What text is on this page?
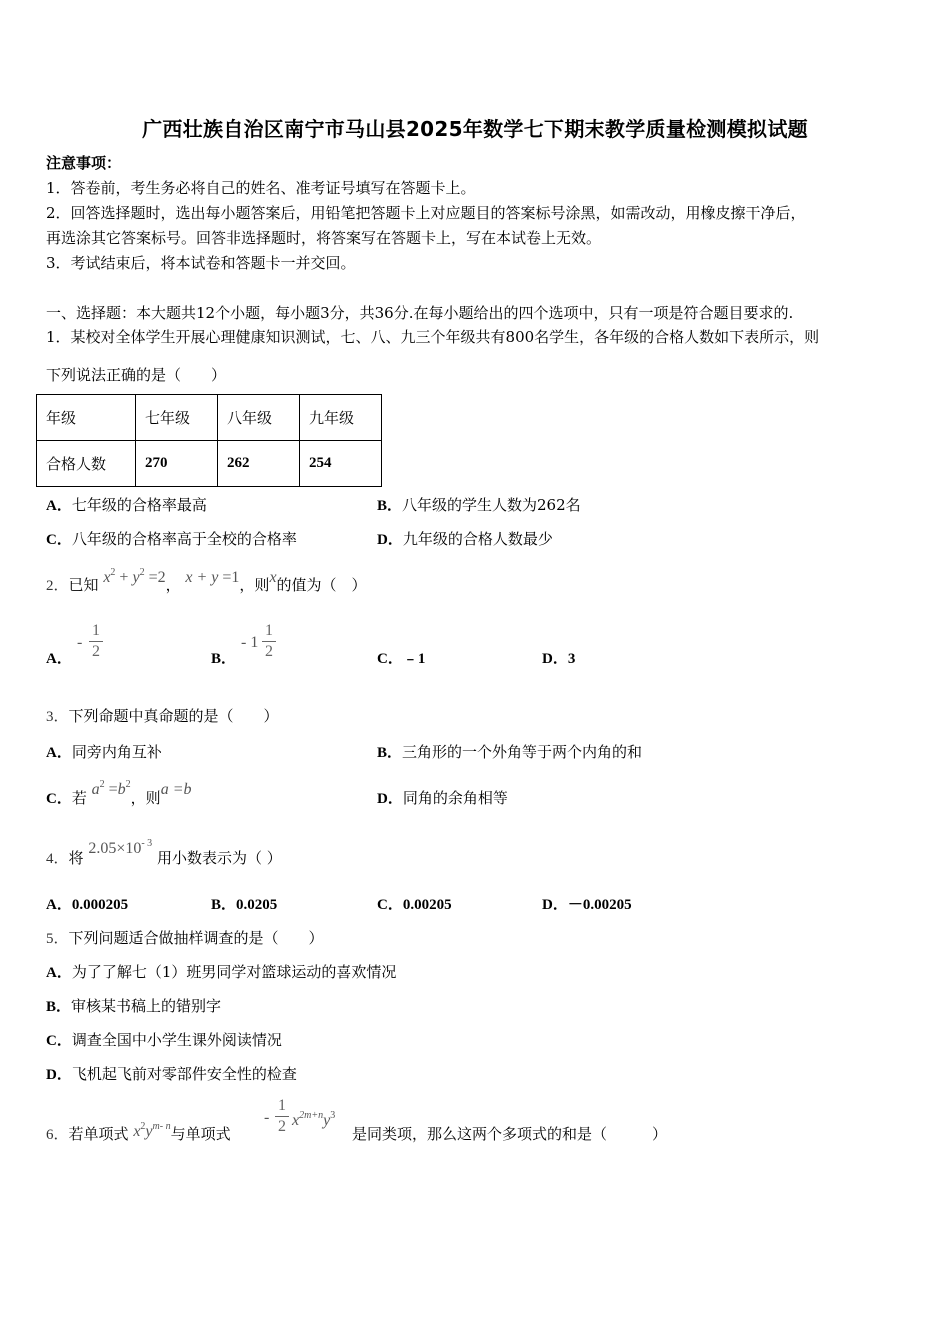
广西壮族自治区南宁市马山县2025年数学七下期末教学质量检测模拟试题
注意事项：
1．答卷前，考生务必将自己的姓名、准考证号填写在答题卡上。
2．回答选择题时，选出每小题答案后，用铅笔把答题卡上对应题目的答案标号涂黑，如需改动，用橡皮擦干净后，
再选涂其它答案标号。回答非选择题时，将答案写在答题卡上，写在本试卷上无效。
3．考试结束后，将本试卷和答题卡一并交回。
一、选择题：本大题共12个小题，每小题3分，共36分.在每小题给出的四个选项中，只有一项是符合题目要求的.
1．某校对全体学生开展心理健康知识测试，七、八、九三个年级共有800名学生，各年级的合格人数如下表所示，则
下列说法正确的是（　　）
年级	七年级	八年级	九年级
合格人数	270	262	254
A．七年级的合格率最高	B．八年级的学生人数为262名
C．八年级的合格率高于全校的合格率	D．九年级的合格人数最少
2．已知 $x^2 + y^2 =2$， x + y =1，则x的值为（　）
A．
-
1
2	B．
- 1
1
2	C．﹣1	D．3
3．下列命题中真命题的是（　　）
A．同旁内角互补	B．三角形的一个外角等于两个内角的和
C．若 $a^2 =b^2$，则a =b
D．同角的余角相等
4．将 $2.05\times 10^{- 3}$ 用小数表示为（ ）
A．0.000205	B．0.0205	C．0.00205	D．－0.00205
5．下列问题适合做抽样调查的是（　　）
A．为了了解七（1）班男同学对篮球运动的喜欢情况
B．审核某书稿上的错别字
C．调查全国中小学生课外阅读情况
D．飞机起飞前对零部件安全性的检查
6．若单项式 $x^2y^{m- n}$与单项式
-
1
2 $x^{2m+n}y^3$
是同类项，那么这两个多项式的和是（　　　）
